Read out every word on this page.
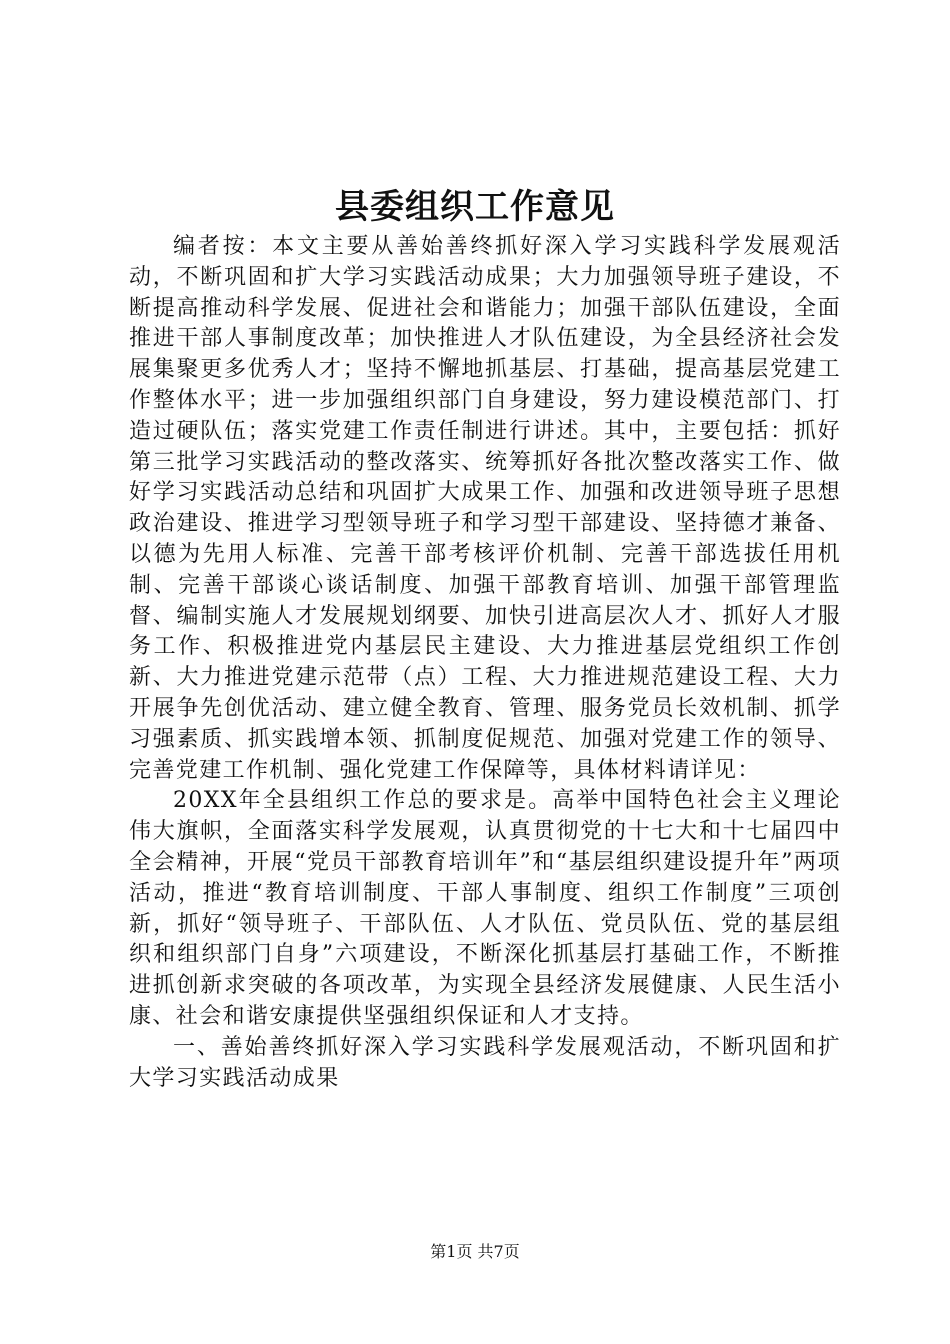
县委组织工作意见

编者按：本文主要从善始善终抓好深入学习实践科学发展观活动，不断巩固和扩大学习实践活动成果；大力加强领导班子建设，不断提高推动科学发展、促进社会和谐能力；加强干部队伍建设，全面推进干部人事制度改革；加快推进人才队伍建设，为全县经济社会发展集聚更多优秀人才；坚持不懈地抓基层、打基础，提高基层党建工作整体水平；进一步加强组织部门自身建设，努力建设模范部门、打造过硬队伍；落实党建工作责任制进行讲述。其中，主要包括：抓好第三批学习实践活动的整改落实、统筹抓好各批次整改落实工作、做好学习实践活动总结和巩固扩大成果工作、加强和改进领导班子思想政治建设、推进学习型领导班子和学习型干部建设、坚持德才兼备、以德为先用人标准、完善干部考核评价机制、完善干部选拔任用机制、完善干部谈心谈话制度、加强干部教育培训、加强干部管理监督、编制实施人才发展规划纲要、加快引进高层次人才、抓好人才服务工作、积极推进党内基层民主建设、大力推进基层党组织工作创新、大力推进党建示范带（点）工程、大力推进规范建设工程、大力开展争先创优活动、建立健全教育、管理、服务党员长效机制、抓学习强素质、抓实践增本领、抓制度促规范、加强对党建工作的领导、完善党建工作机制、强化党建工作保障等，具体材料请详见：

20XX年全县组织工作总的要求是。高举中国特色社会主义理论伟大旗帜，全面落实科学发展观，认真贯彻党的十七大和十七届四中全会精神，开展“党员干部教育培训年”和“基层组织建设提升年”两项活动，推进“教育培训制度、干部人事制度、组织工作制度”三项创新，抓好“领导班子、干部队伍、人才队伍、党员队伍、党的基层组织和组织部门自身”六项建设，不断深化抓基层打基础工作，不断推进抓创新求突破的各项改革，为实现全县经济发展健康、人民生活小康、社会和谐安康提供坚强组织保证和人才支持。

一、善始善终抓好深入学习实践科学发展观活动，不断巩固和扩大学习实践活动成果

第1页 共7页
